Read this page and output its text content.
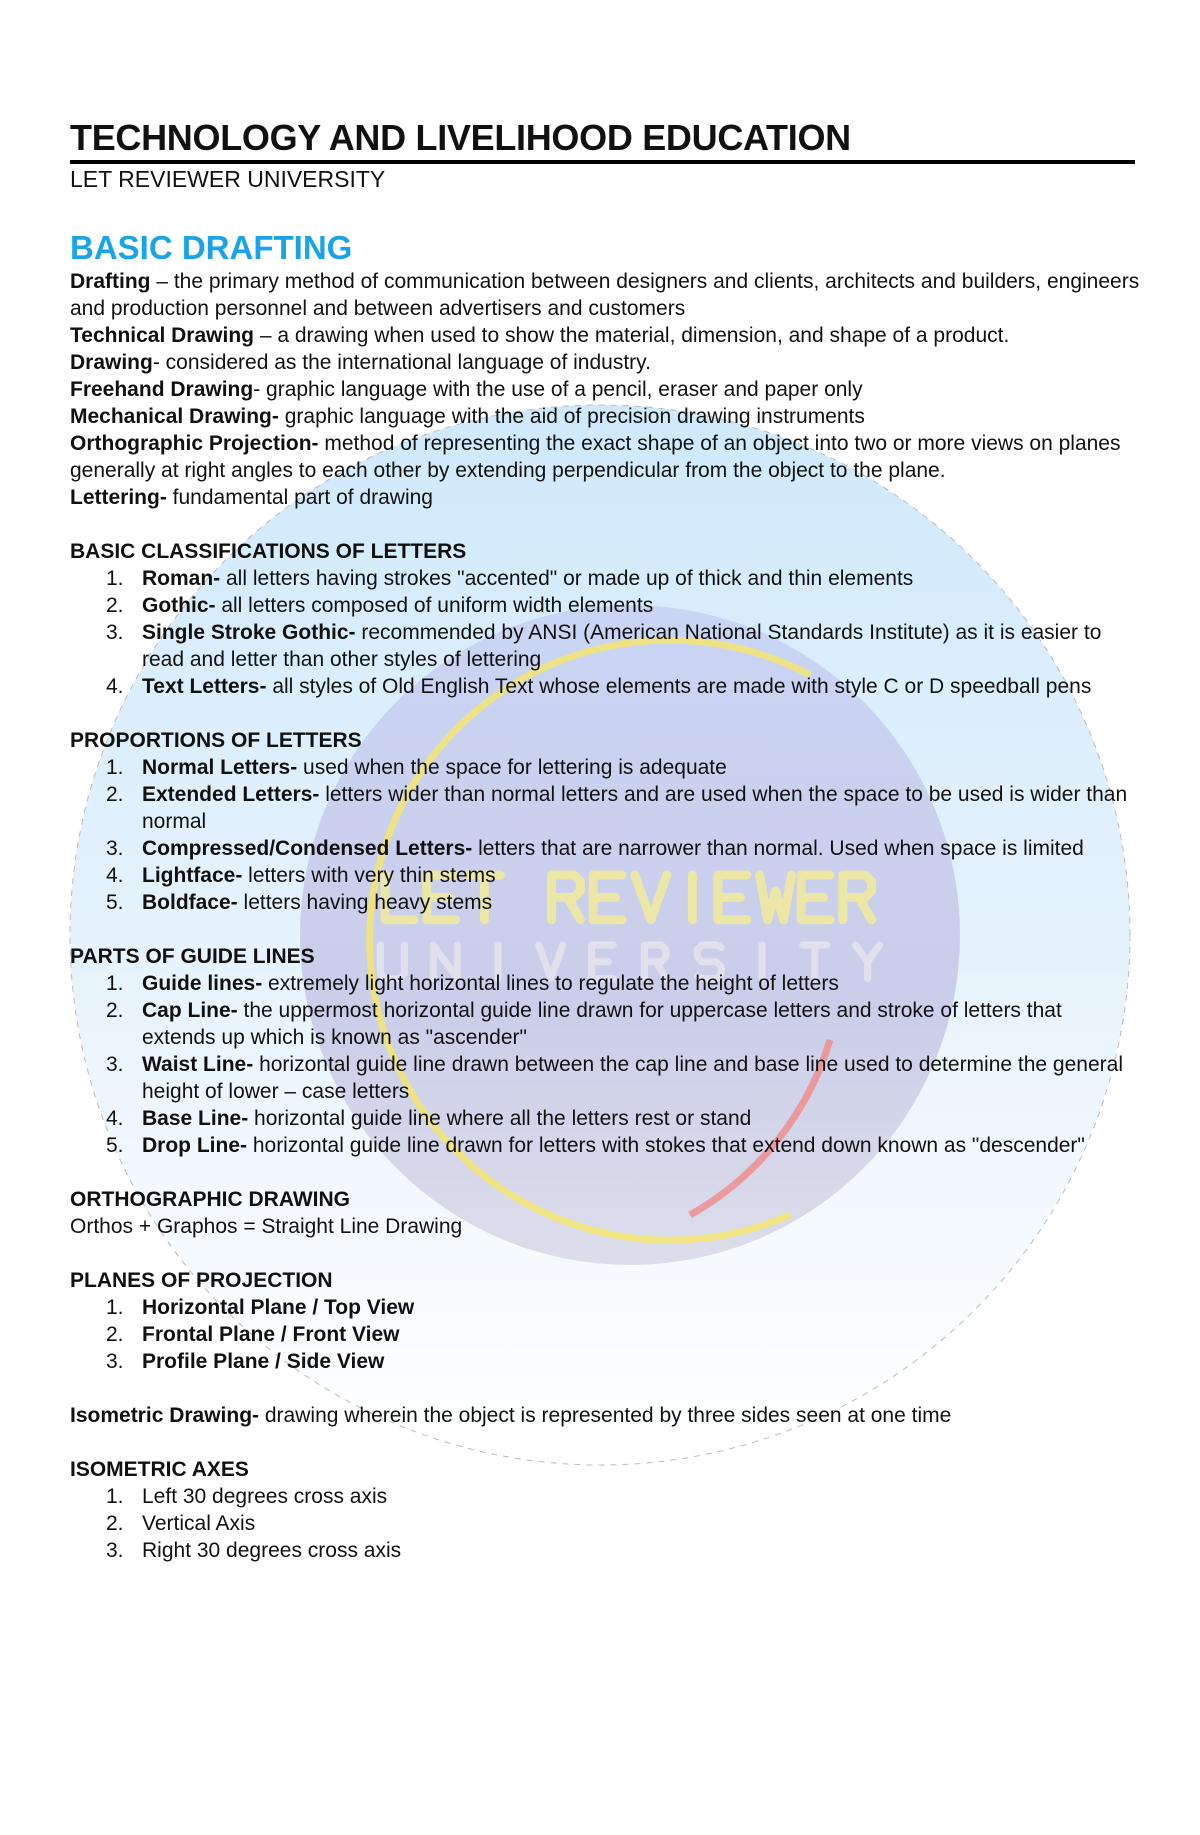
TECHNOLOGY AND LIVELIHOOD EDUCATION

LET REVIEWER UNIVERSITY

BASIC DRAFTING
Drafting – the primary method of communication between designers and clients, architects and builders, engineers and production personnel and between advertisers and customers
Technical Drawing – a drawing when used to show the material, dimension, and shape of a product.
Drawing- considered as the international language of industry.
Freehand Drawing- graphic language with the use of a pencil, eraser and paper only
Mechanical Drawing- graphic language with the aid of precision drawing instruments
Orthographic Projection- method of representing the exact shape of an object into two or more views on planes generally at right angles to each other by extending perpendicular from the object to the plane.
Lettering- fundamental part of drawing
BASIC CLASSIFICATIONS OF LETTERS
1. Roman- all letters having strokes "accented" or made up of thick and thin elements
2. Gothic- all letters composed of uniform width elements
3. Single Stroke Gothic- recommended by ANSI (American National Standards Institute) as it is easier to read and letter than other styles of lettering
4. Text Letters- all styles of Old English Text whose elements are made with style C or D speedball pens
PROPORTIONS OF LETTERS
1. Normal Letters- used when the space for lettering is adequate
2. Extended Letters- letters wider than normal letters and are used when the space to be used is wider than normal
3. Compressed/Condensed Letters- letters that are narrower than normal. Used when space is limited
4. Lightface- letters with very thin stems
5. Boldface- letters having heavy stems
PARTS OF GUIDE LINES
1. Guide lines- extremely light horizontal lines to regulate the height of letters
2. Cap Line- the uppermost horizontal guide line drawn for uppercase letters and stroke of letters that extends up which is known as "ascender"
3. Waist Line- horizontal guide line drawn between the cap line and base line used to determine the general height of lower – case letters
4. Base Line- horizontal guide line where all the letters rest or stand
5. Drop Line- horizontal guide line drawn for letters with stokes that extend down known as "descender"
ORTHOGRAPHIC DRAWING
Orthos + Graphos = Straight Line Drawing
PLANES OF PROJECTION
1. Horizontal Plane / Top View
2. Frontal Plane / Front View
3. Profile Plane / Side View
Isometric Drawing- drawing wherein the object is represented by three sides seen at one time
ISOMETRIC AXES
1. Left 30 degrees cross axis
2. Vertical Axis
3. Right 30 degrees cross axis
